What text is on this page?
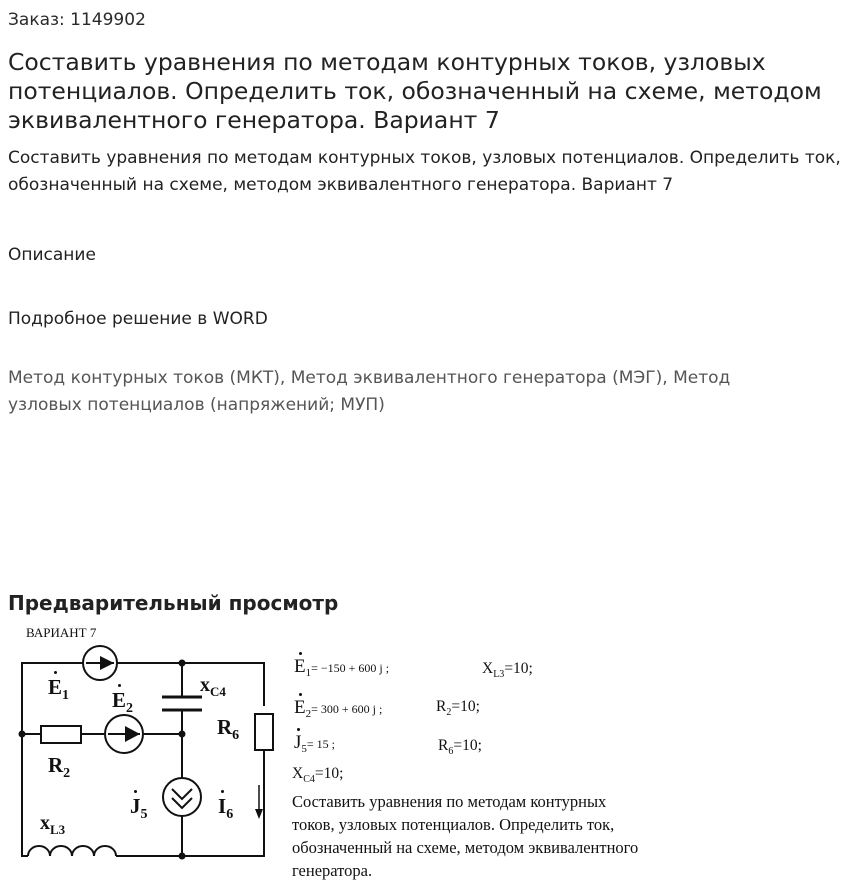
Заказ: 1149902
Составить уравнения по методам контурных токов, узловых потенциалов. Определить ток, обозначенный на схеме, методом эквивалентного генератора. Вариант 7

Составить уравнения по методам контурных токов, узловых потенциалов. Определить ток, обозначенный на схеме, методом эквивалентного генератора. Вариант 7

Описание

Подробное решение в WORD

Метод контурных токов (МКТ), Метод эквивалентного генератора (МЭГ), Метод узловых потенциалов (напряжений; МУП)

Предварительный просмотр
ВАРИАНТ 7
$E_1$ $E_2$
$x_{C4}$
$R_6$
$R_2$
$J_5$	$I_6$
$x_{L3}$
$E_1= -150 + 600$ j ;	$X_{L3}=10$;
$E_2= 300 + 600$ j ;	$R_2=10$;
$J_5= 15$ ;	$R_6=10$;
$X_{C4}=10$;

Составить уравнения по методам контурных токов, узловых потенциалов. Определить ток, обозначенный на схеме, методом эквивалентного генератора.
